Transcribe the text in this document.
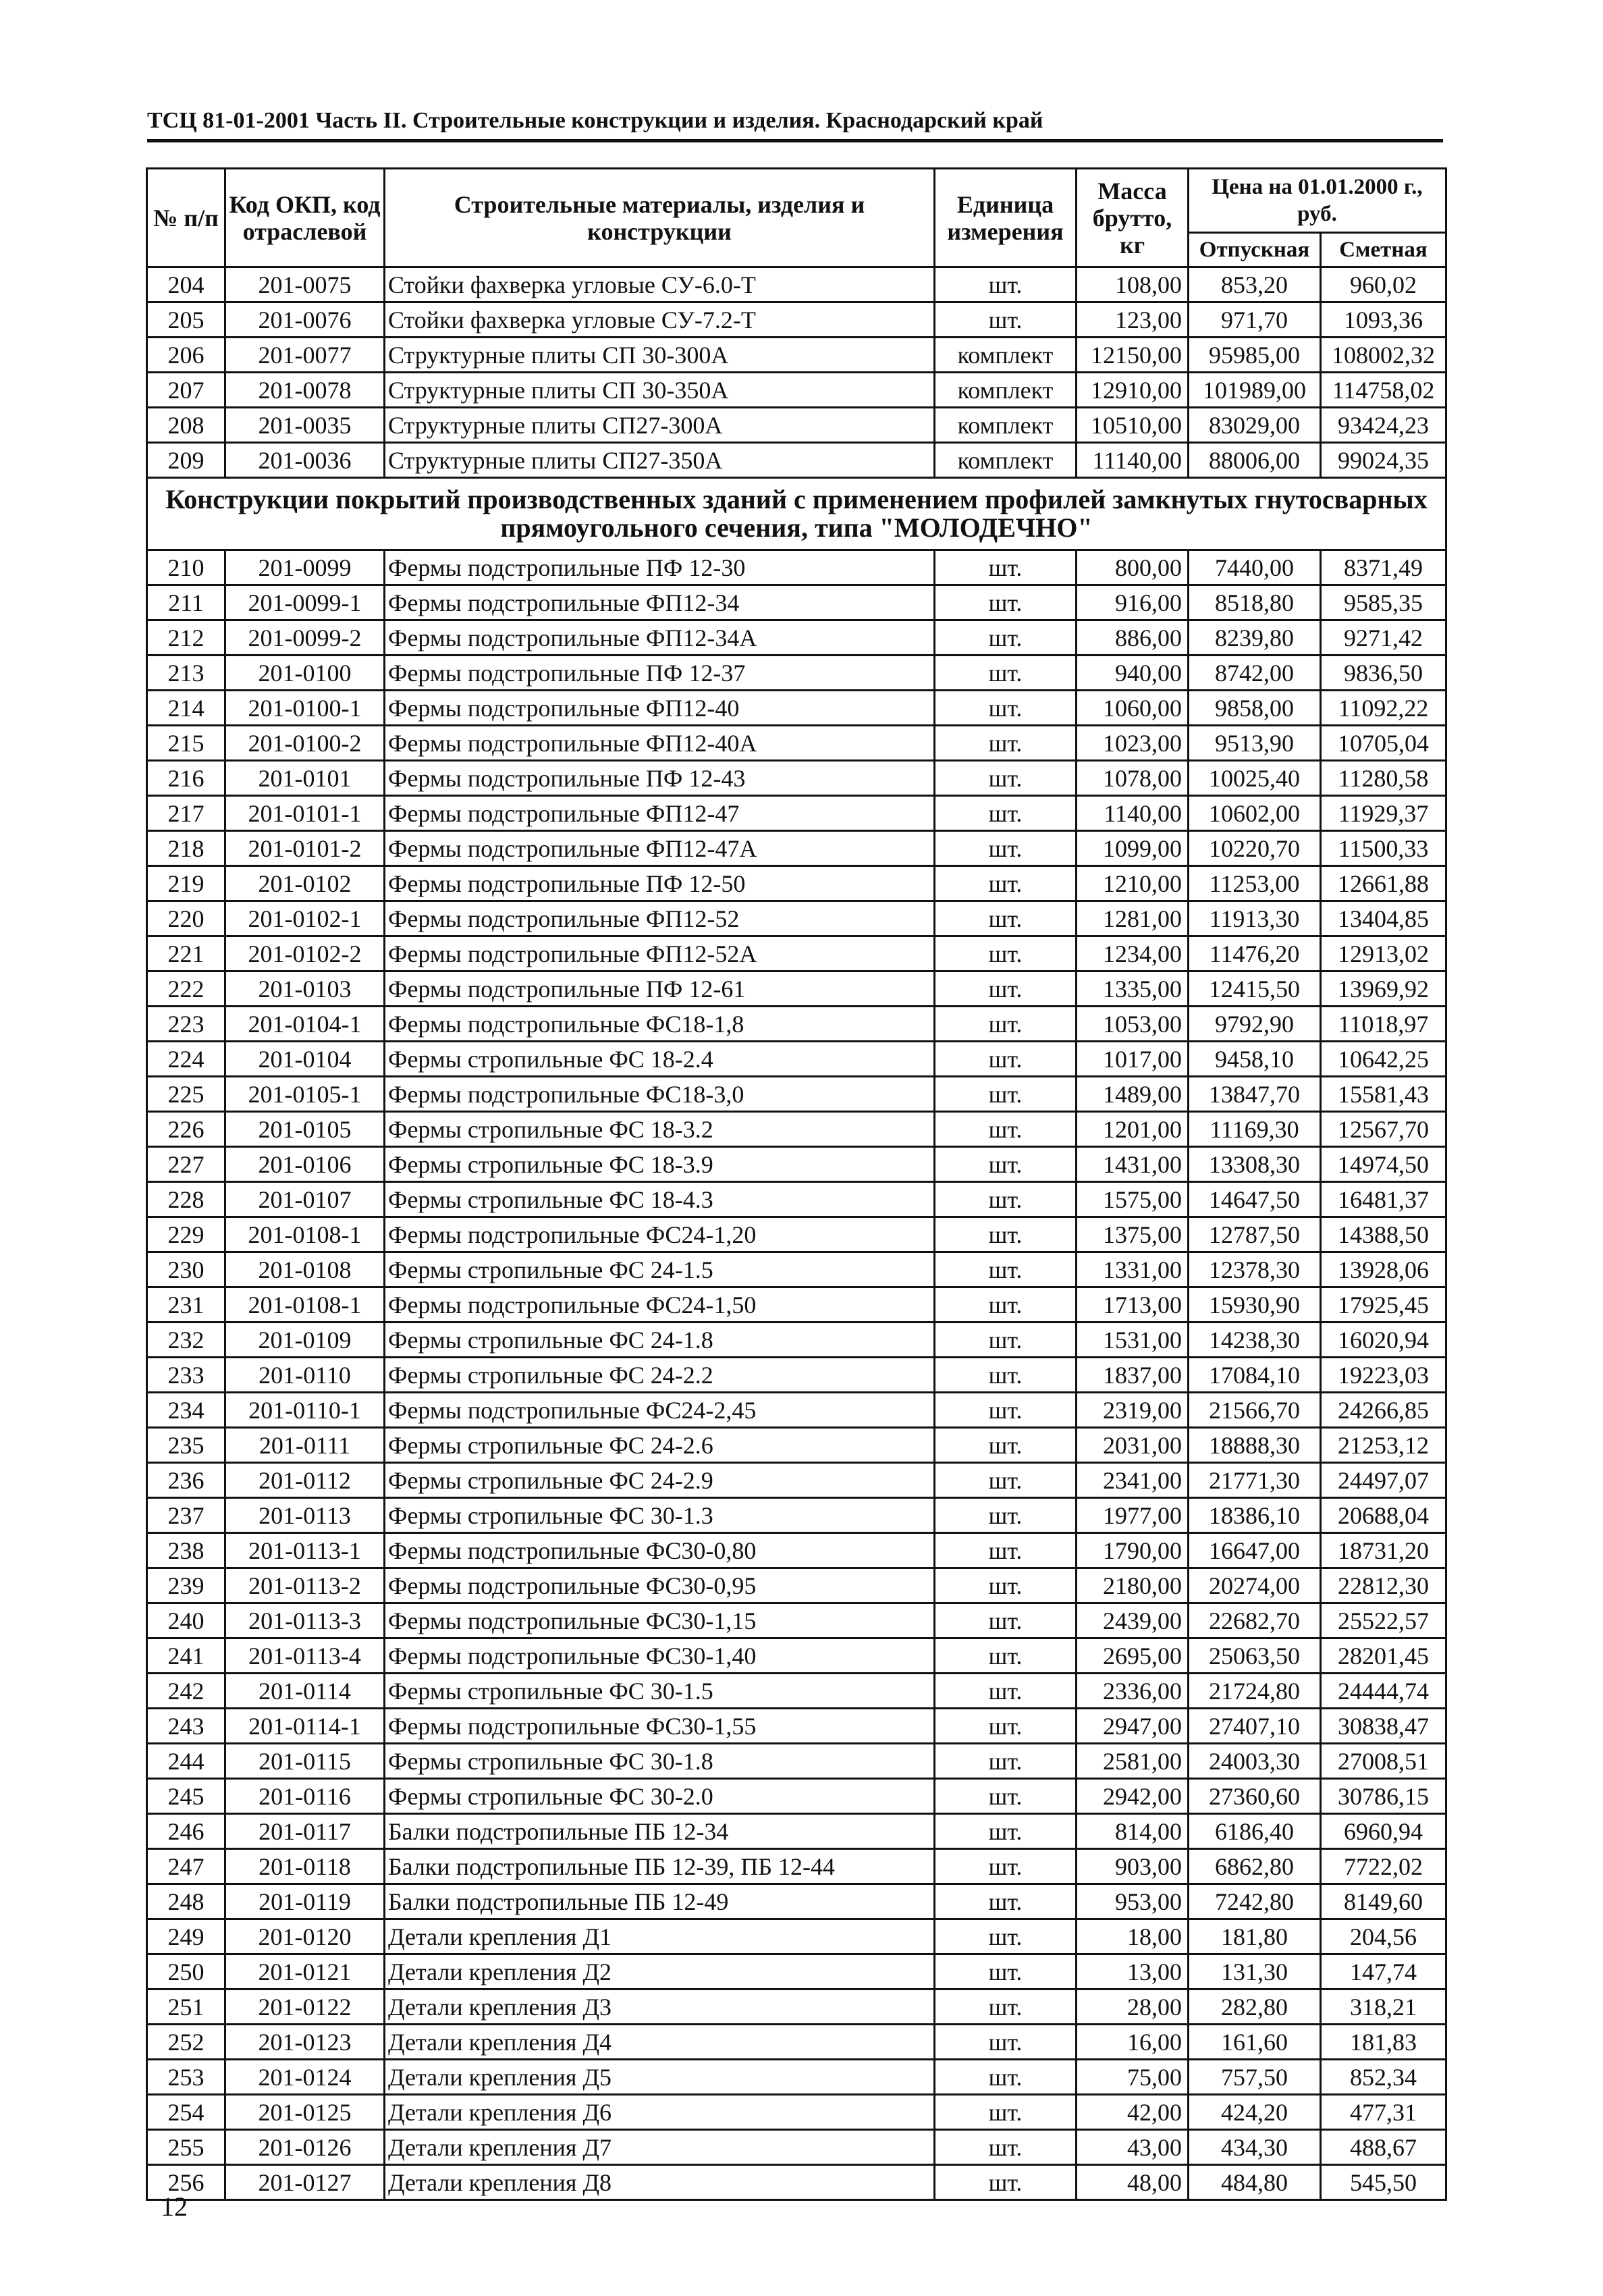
ТСЦ 81-01-2001 Часть II. Строительные конструкции и изделия. Краснодарский край
№ п/п	Код ОКП, код отраслевой	Строительные материалы, изделия и конструкции	Единица измерения	Масса брутто, кг	Цена на 01.01.2000 г., руб.	
					Отпускная	Сметная
204	201-0075	Стойки фахверка угловые СУ-6.0-Т	шт.	108,00	853,20	960,02
205	201-0076	Стойки фахверка угловые СУ-7.2-Т	шт.	123,00	971,70	1093,36
206	201-0077	Структурные плиты СП 30-300А	комплект	12150,00	95985,00	108002,32
207	201-0078	Структурные плиты СП 30-350А	комплект	12910,00	101989,00	114758,02
208	201-0035	Структурные плиты СП27-300А	комплект	10510,00	83029,00	93424,23
209	201-0036	Структурные плиты СП27-350А	комплект	11140,00	88006,00	99024,35
Конструкции покрытий производственных зданий с применением профилей замкнутых гнутосварных прямоугольного сечения, типа "МОЛОДЕЧНО"						
210	201-0099	Фермы подстропильные ПФ 12-30	шт.	800,00	7440,00	8371,49
211	201-0099-1	Фермы подстропильные ФП12-34	шт.	916,00	8518,80	9585,35
212	201-0099-2	Фермы подстропильные ФП12-34А	шт.	886,00	8239,80	9271,42
213	201-0100	Фермы подстропильные ПФ 12-37	шт.	940,00	8742,00	9836,50
214	201-0100-1	Фермы подстропильные ФП12-40	шт.	1060,00	9858,00	11092,22
215	201-0100-2	Фермы подстропильные ФП12-40А	шт.	1023,00	9513,90	10705,04
216	201-0101	Фермы подстропильные ПФ 12-43	шт.	1078,00	10025,40	11280,58
217	201-0101-1	Фермы подстропильные ФП12-47	шт.	1140,00	10602,00	11929,37
218	201-0101-2	Фермы подстропильные ФП12-47А	шт.	1099,00	10220,70	11500,33
219	201-0102	Фермы подстропильные ПФ 12-50	шт.	1210,00	11253,00	12661,88
220	201-0102-1	Фермы подстропильные ФП12-52	шт.	1281,00	11913,30	13404,85
221	201-0102-2	Фермы подстропильные ФП12-52А	шт.	1234,00	11476,20	12913,02
222	201-0103	Фермы подстропильные ПФ 12-61	шт.	1335,00	12415,50	13969,92
223	201-0104-1	Фермы подстропильные ФС18-1,8	шт.	1053,00	9792,90	11018,97
224	201-0104	Фермы стропильные ФС 18-2.4	шт.	1017,00	9458,10	10642,25
225	201-0105-1	Фермы подстропильные ФС18-3,0	шт.	1489,00	13847,70	15581,43
226	201-0105	Фермы стропильные ФС 18-3.2	шт.	1201,00	11169,30	12567,70
227	201-0106	Фермы стропильные ФС 18-3.9	шт.	1431,00	13308,30	14974,50
228	201-0107	Фермы стропильные ФС 18-4.3	шт.	1575,00	14647,50	16481,37
229	201-0108-1	Фермы подстропильные ФС24-1,20	шт.	1375,00	12787,50	14388,50
230	201-0108	Фермы стропильные ФС 24-1.5	шт.	1331,00	12378,30	13928,06
231	201-0108-1	Фермы подстропильные ФС24-1,50	шт.	1713,00	15930,90	17925,45
232	201-0109	Фермы стропильные ФС 24-1.8	шт.	1531,00	14238,30	16020,94
233	201-0110	Фермы стропильные ФС 24-2.2	шт.	1837,00	17084,10	19223,03
234	201-0110-1	Фермы подстропильные ФС24-2,45	шт.	2319,00	21566,70	24266,85
235	201-0111	Фермы стропильные ФС 24-2.6	шт.	2031,00	18888,30	21253,12
236	201-0112	Фермы стропильные ФС 24-2.9	шт.	2341,00	21771,30	24497,07
237	201-0113	Фермы стропильные ФС 30-1.3	шт.	1977,00	18386,10	20688,04
238	201-0113-1	Фермы подстропильные ФС30-0,80	шт.	1790,00	16647,00	18731,20
239	201-0113-2	Фермы подстропильные ФС30-0,95	шт.	2180,00	20274,00	22812,30
240	201-0113-3	Фермы подстропильные ФС30-1,15	шт.	2439,00	22682,70	25522,57
241	201-0113-4	Фермы подстропильные ФС30-1,40	шт.	2695,00	25063,50	28201,45
242	201-0114	Фермы стропильные ФС 30-1.5	шт.	2336,00	21724,80	24444,74
243	201-0114-1	Фермы подстропильные ФС30-1,55	шт.	2947,00	27407,10	30838,47
244	201-0115	Фермы стропильные ФС 30-1.8	шт.	2581,00	24003,30	27008,51
245	201-0116	Фермы стропильные ФС 30-2.0	шт.	2942,00	27360,60	30786,15
246	201-0117	Балки подстропильные ПБ 12-34	шт.	814,00	6186,40	6960,94
247	201-0118	Балки подстропильные ПБ 12-39, ПБ 12-44	шт.	903,00	6862,80	7722,02
248	201-0119	Балки подстропильные ПБ 12-49	шт.	953,00	7242,80	8149,60
249	201-0120	Детали крепления Д1	шт.	18,00	181,80	204,56
250	201-0121	Детали крепления Д2	шт.	13,00	131,30	147,74
251	201-0122	Детали крепления Д3	шт.	28,00	282,80	318,21
252	201-0123	Детали крепления Д4	шт.	16,00	161,60	181,83
253	201-0124	Детали крепления Д5	шт.	75,00	757,50	852,34
254	201-0125	Детали крепления Д6	шт.	42,00	424,20	477,31
255	201-0126	Детали крепления Д7	шт.	43,00	434,30	488,67
256	201-0127	Детали крепления Д8	шт.	48,00	484,80	545,50
12
